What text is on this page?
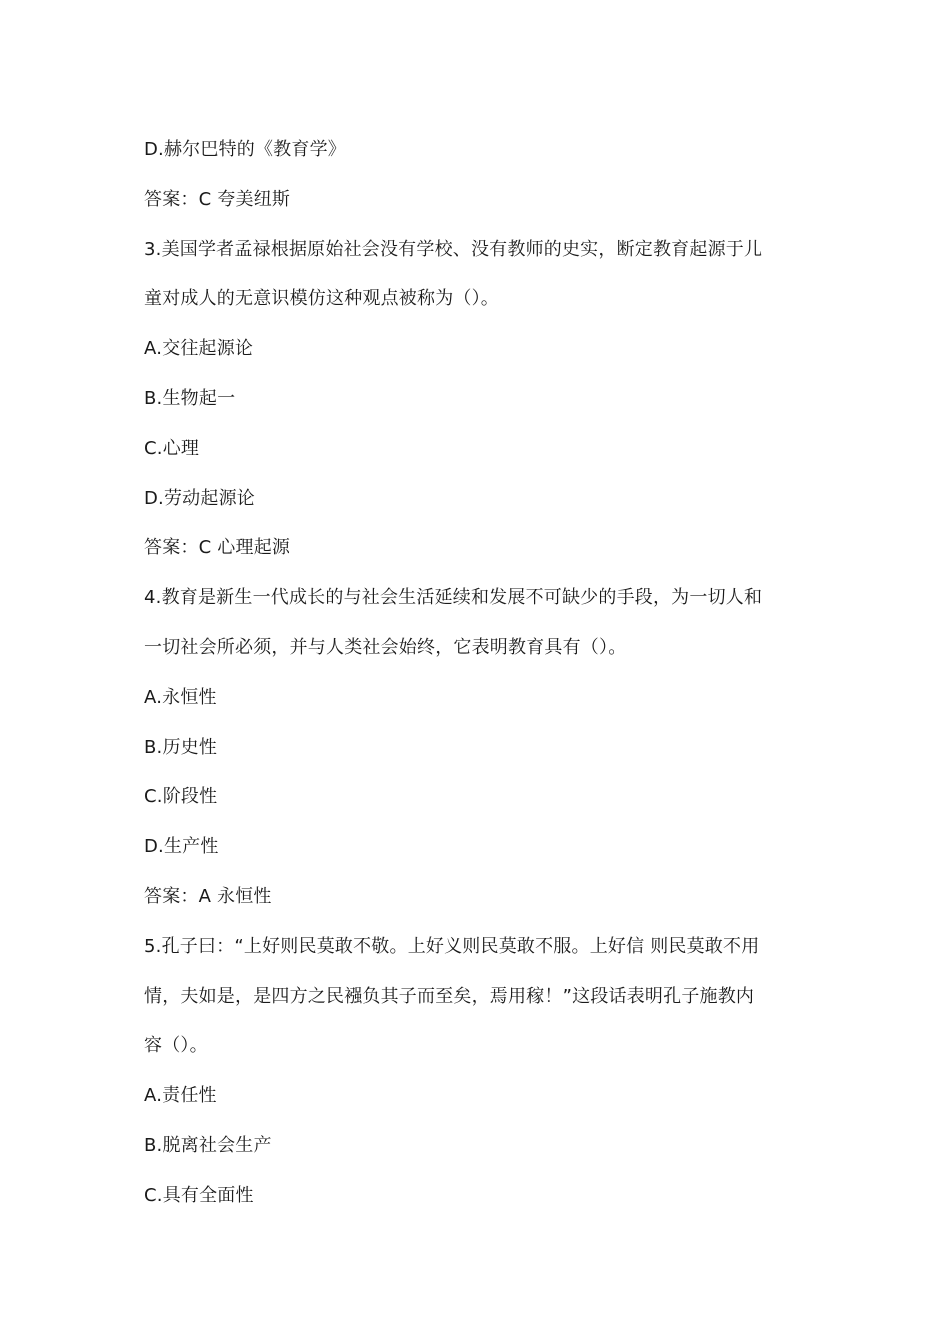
D.赫尔巴特的《教育学》
答案：C 夸美纽斯
3.美国学者孟禄根据原始社会没有学校、没有教师的史实，断定教育起源于儿
童对成人的无意识模仿这种观点被称为（）。
A.交往起源论
B.生物起一
C.心理
D.劳动起源论
答案：C 心理起源
4.教育是新生一代成长的与社会生活延续和发展不可缺少的手段，为一切人和
一切社会所必须，并与人类社会始终，它表明教育具有（）。
A.永恒性
B.历史性
C.阶段性
D.生产性
答案：A 永恒性
5.孔子曰：“上好则民莫敢不敬。上好义则民莫敢不服。上好信 则民莫敢不用
情，夫如是，是四方之民襁负其子而至矣，焉用稼！”这段话表明孔子施教内
容（）。
A.责任性
B.脱离社会生产
C.具有全面性
